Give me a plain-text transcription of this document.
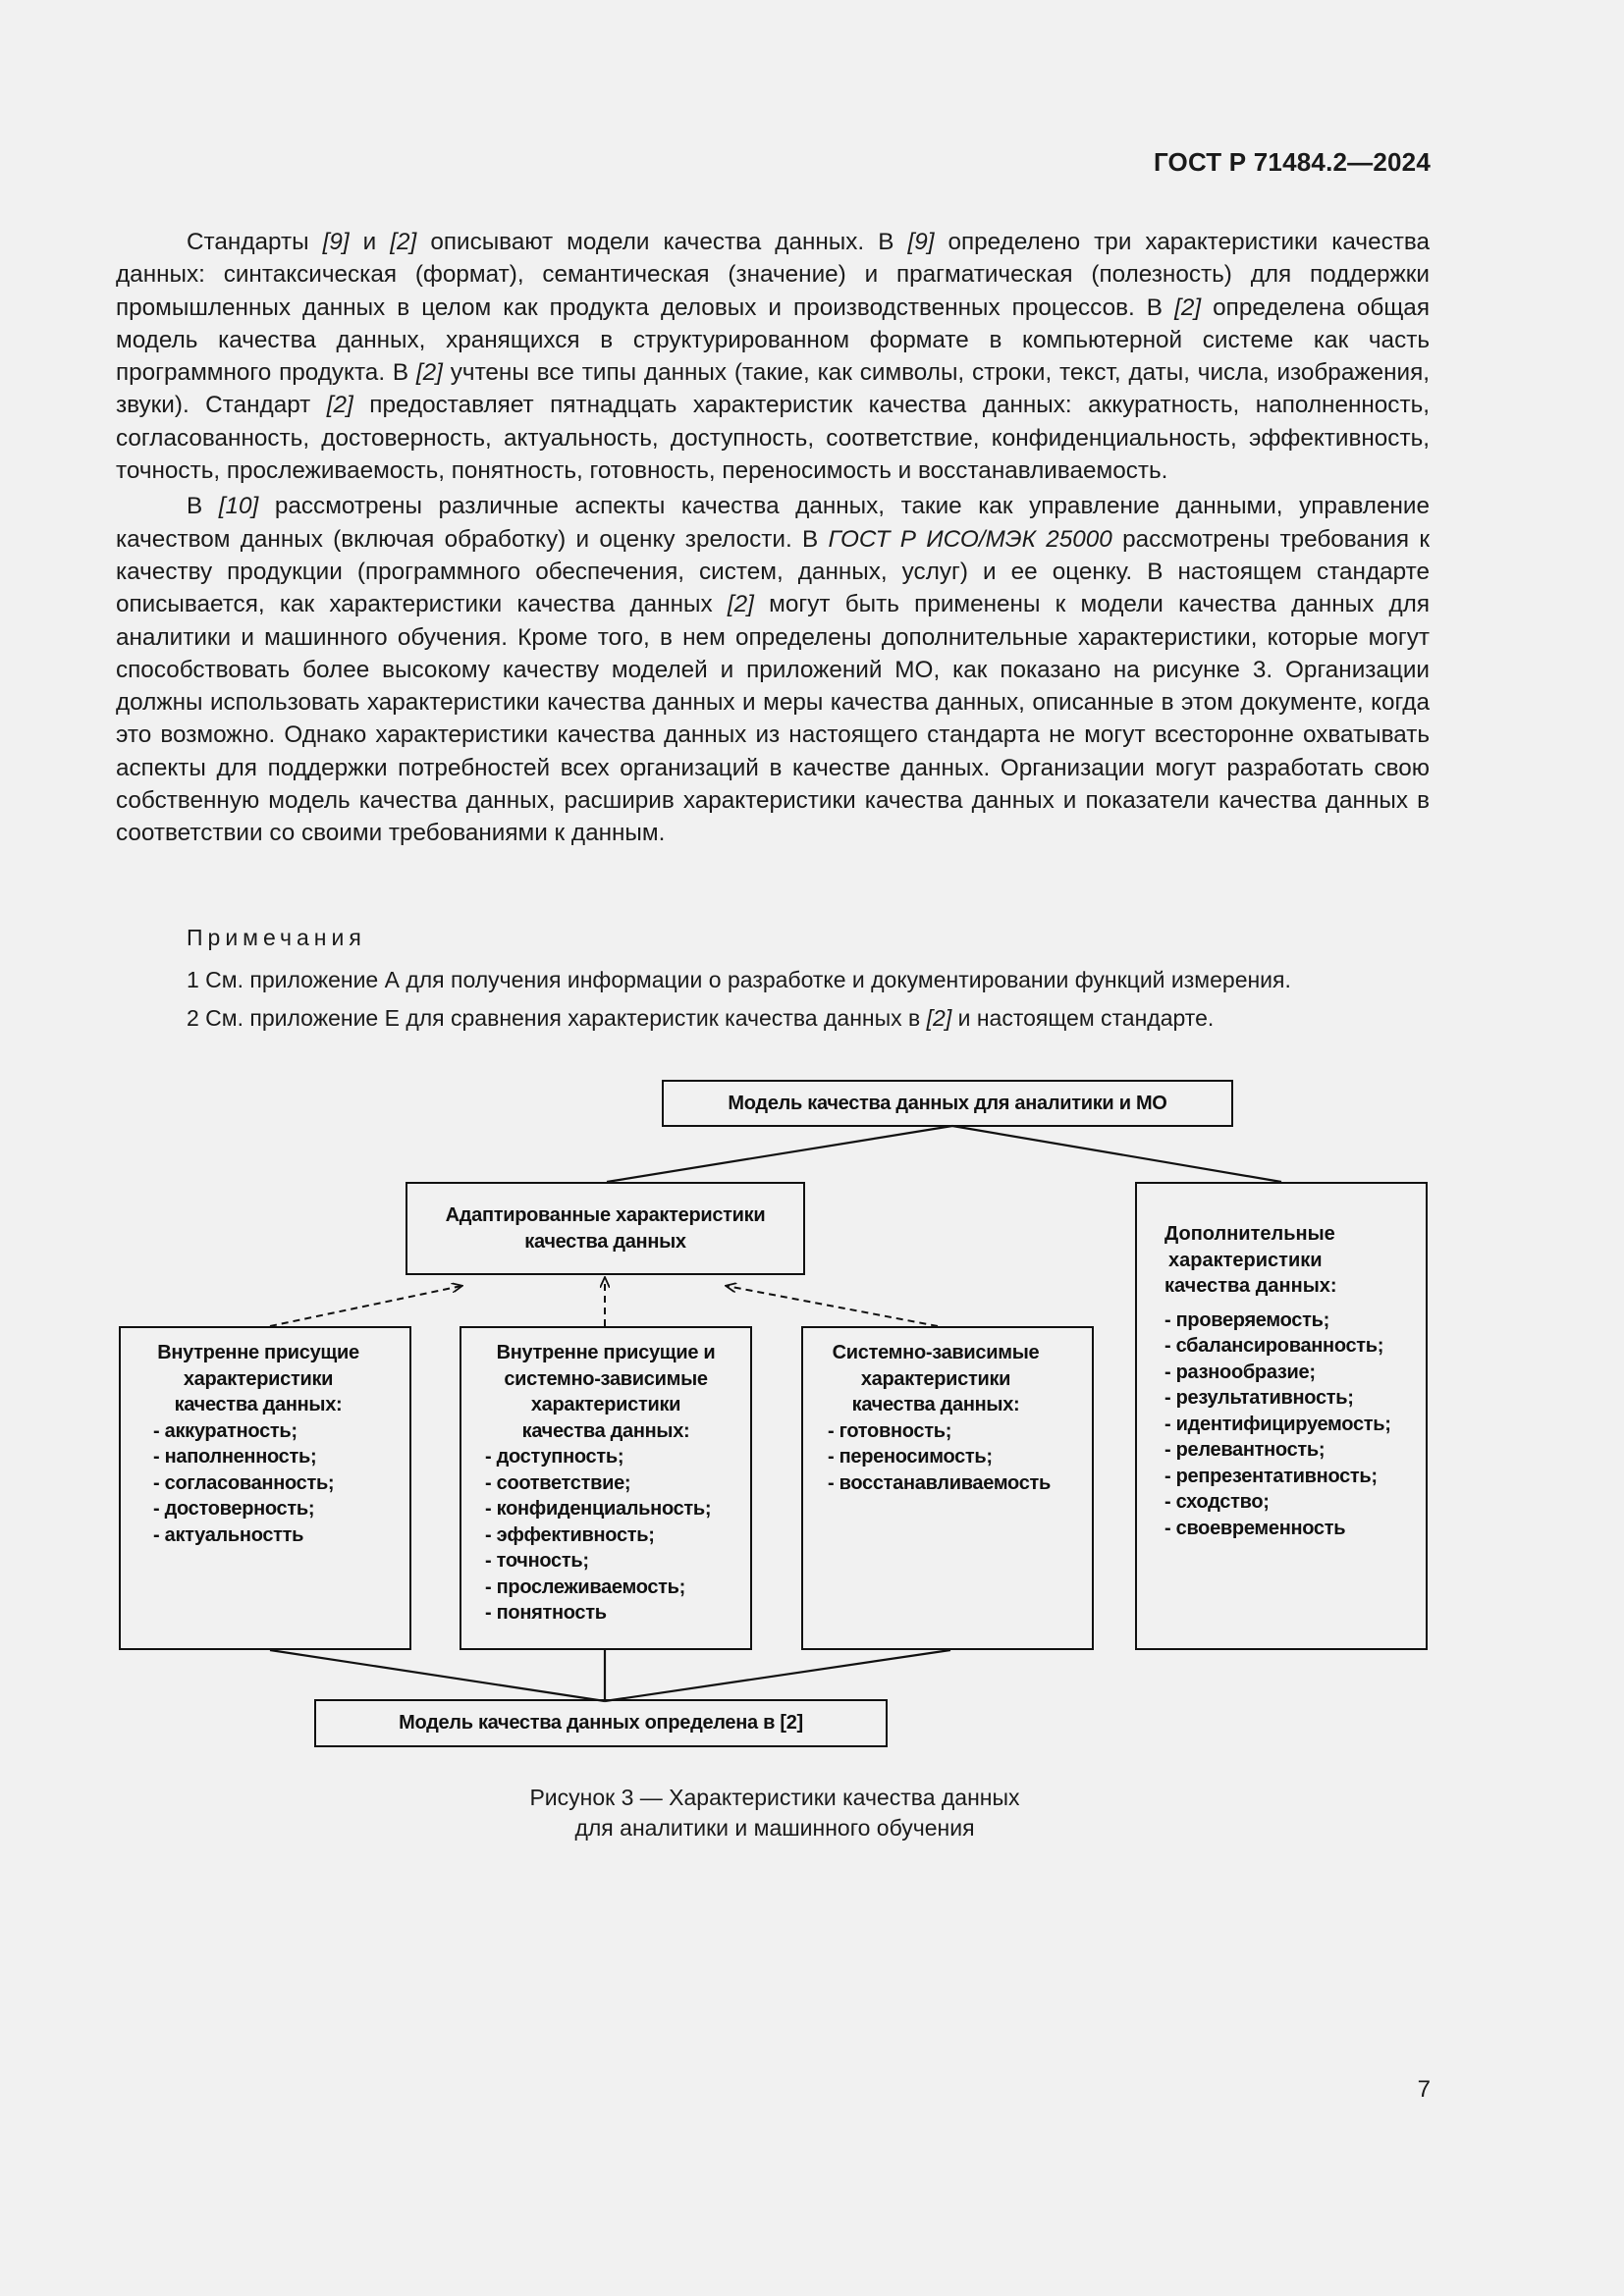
ГОСТ Р 71484.2—2024

Стандарты [9] и [2] описывают модели качества данных. В [9] определено три характеристики качества данных: синтаксическая (формат), семантическая (значение) и прагматическая (полезность) для поддержки промышленных данных в целом как продукта деловых и производственных процессов. В [2] определена общая модель качества данных, хранящихся в структурированном формате в компьютерной системе как часть программного продукта. В [2] учтены все типы данных (такие, как символы, строки, текст, даты, числа, изображения, звуки). Стандарт [2] предоставляет пятнадцать характеристик качества данных: аккуратность, наполненность, согласованность, достоверность, актуальность, доступность, соответствие, конфиденциальность, эффективность, точность, прослеживаемость, понятность, готовность, переносимость и восстанавливаемость.

В [10] рассмотрены различные аспекты качества данных, такие как управление данными, управление качеством данных (включая обработку) и оценку зрелости. В ГОСТ Р ИСО/МЭК 25000 рассмотрены требования к качеству продукции (программного обеспечения, систем, данных, услуг) и ее оценку. В настоящем стандарте описывается, как характеристики качества данных [2] могут быть применены к модели качества данных для аналитики и машинного обучения. Кроме того, в нем определены дополнительные характеристики, которые могут способствовать более высокому качеству моделей и приложений МО, как показано на рисунке 3. Организации должны использовать характеристики качества данных и меры качества данных, описанные в этом документе, когда это возможно. Однако характеристики качества данных из настоящего стандарта не могут всесторонне охватывать аспекты для поддержки потребностей всех организаций в качестве данных. Организации могут разработать свою собственную модель качества данных, расширив характеристики качества данных и показатели качества данных в соответствии со своими требованиями к данным.

Примечания
1 См. приложение А для получения информации о разработке и документировании функций измерения.
2 См. приложение Е для сравнения характеристик качества данных в [2] и настоящем стандарте.
Модель качества данных для аналитики и МО
Адаптированные характеристики
качества данных
Внутренне присущие
характеристики
качества данных:
- аккуратность;
- наполненность;
- согласованность;
- достоверность;
- актуальностть
Внутренне присущие и
системно-зависимые
характеристики
качества данных:
- доступность;
- соответствие;
- конфиденциальность;
- эффективность;
- точность;
- прослеживаемость;
- понятность
Системно-зависимые
характеристики
качества данных:
- готовность;
- переносимость;
- восстанавливаемость
Дополнительные
характеристики
качества данных:
- проверяемость;
- сбалансированность;
- разнообразие;
- результативность;
- идентифицируемость;
- релевантность;
- репрезентативность;
- сходство;
- своевременность
Модель качества данных определена в [2]
Рисунок 3 — Характеристики качества данных
для аналитики и машинного обучения
7
